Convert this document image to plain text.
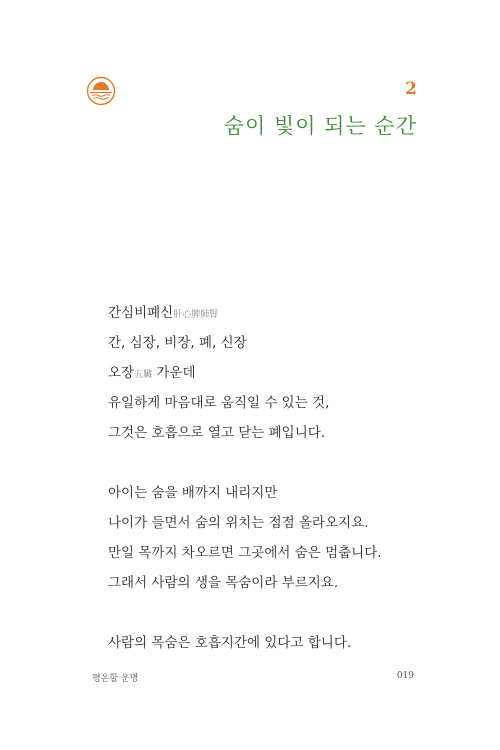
2
숨이 빛이 되는 순간
간심비폐신肝心脾肺腎
간, 심장, 비장, 폐, 신장
오장五臟 가운데
유일하게 마음대로 움직일 수 있는 것,
그것은 호흡으로 열고 닫는 폐입니다.
아이는 숨을 배까지 내리지만
나이가 들면서 숨의 위치는 점점 올라오지요.
만일 목까지 차오르면 그곳에서 숨은 멈춥니다.
그래서 사람의 생을 목숨이라 부르지요.
사람의 목숨은 호흡지간에 있다고 합니다.
평온할 운명	019
